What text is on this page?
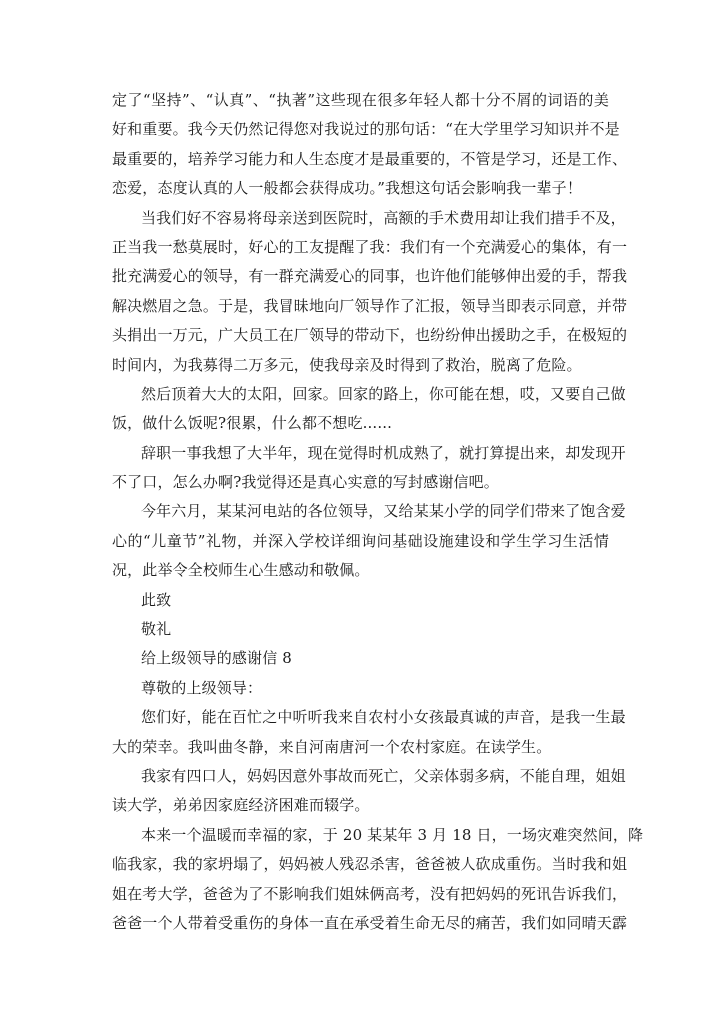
定了“坚持”、“认真”、“执著”这些现在很多年轻人都十分不屑的词语的美
好和重要。我今天仍然记得您对我说过的那句话：“在大学里学习知识并不是
最重要的，培养学习能力和人生态度才是最重要的，不管是学习，还是工作、
恋爱，态度认真的人一般都会获得成功。”我想这句话会影响我一辈子！
当我们好不容易将母亲送到医院时，高额的手术费用却让我们措手不及，
正当我一愁莫展时，好心的工友提醒了我：我们有一个充满爱心的集体，有一
批充满爱心的领导，有一群充满爱心的同事，也许他们能够伸出爱的手，帮我
解决燃眉之急。于是，我冒昧地向厂领导作了汇报，领导当即表示同意，并带
头捐出一万元，广大员工在厂领导的带动下，也纷纷伸出援助之手，在极短的
时间内，为我募得二万多元，使我母亲及时得到了救治，脱离了危险。
然后顶着大大的太阳，回家。回家的路上，你可能在想，哎，又要自己做
饭，做什么饭呢?很累，什么都不想吃......
辞职一事我想了大半年，现在觉得时机成熟了，就打算提出来，却发现开
不了口，怎么办啊?我觉得还是真心实意的写封感谢信吧。
今年六月，某某河电站的各位领导，又给某某小学的同学们带来了饱含爱
心的“儿童节”礼物，并深入学校详细询问基础设施建设和学生学习生活情
况，此举令全校师生心生感动和敬佩。
此致
敬礼
给上级领导的感谢信 8
尊敬的上级领导：
您们好，能在百忙之中听听我来自农村小女孩最真诚的声音，是我一生最
大的荣幸。我叫曲冬静，来自河南唐河一个农村家庭。在读学生。
我家有四口人，妈妈因意外事故而死亡，父亲体弱多病，不能自理，姐姐
读大学，弟弟因家庭经济困难而辍学。
本来一个温暖而幸福的家，于 20 某某年 3 月 18 日，一场灾难突然间，降
临我家，我的家坍塌了，妈妈被人残忍杀害，爸爸被人砍成重伤。当时我和姐
姐在考大学，爸爸为了不影响我们姐妹俩高考，没有把妈妈的死讯告诉我们，
爸爸一个人带着受重伤的身体一直在承受着生命无尽的痛苦，我们如同晴天霹
